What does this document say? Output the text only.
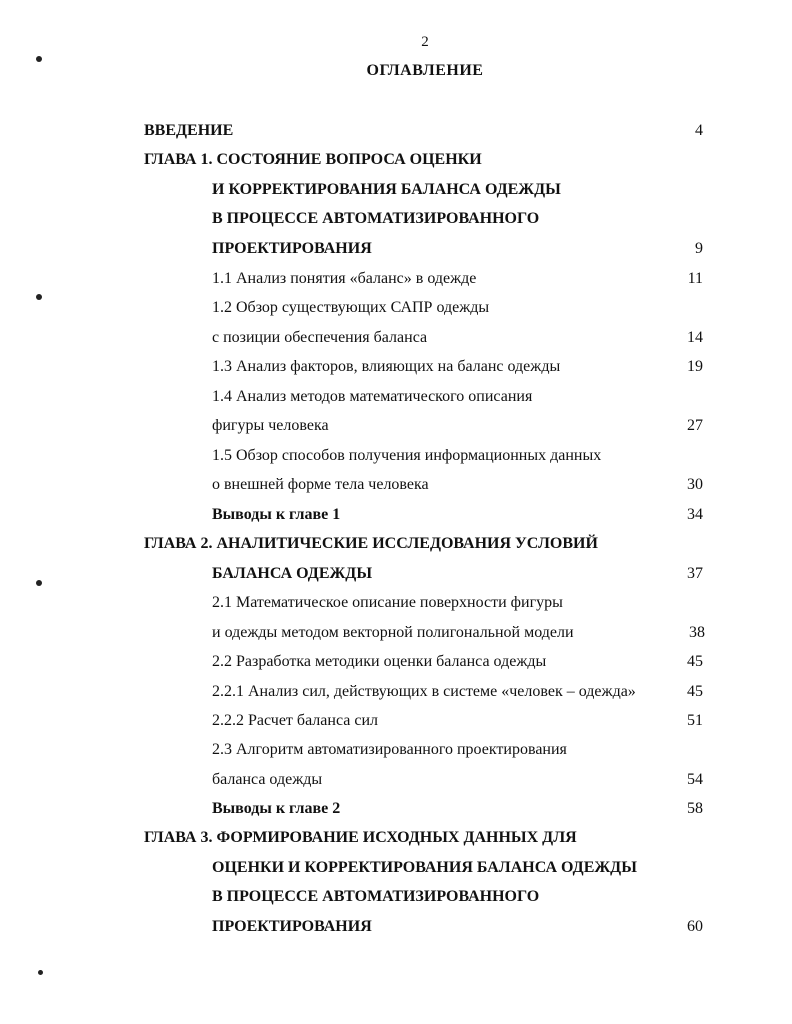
2
ОГЛАВЛЕНИЕ
ВВЕДЕНИЕ	4
ГЛАВА 1. СОСТОЯНИЕ ВОПРОСА ОЦЕНКИ
И КОРРЕКТИРОВАНИЯ БАЛАНСА ОДЕЖДЫ
В ПРОЦЕССЕ АВТОМАТИЗИРОВАННОГО
ПРОЕКТИРОВАНИЯ	9
1.1 Анализ понятия «баланс» в одежде	11
1.2 Обзор существующих САПР одежды
с позиции обеспечения баланса	14
1.3 Анализ факторов, влияющих на баланс одежды	19
1.4 Анализ методов математического описания
фигуры человека	27
1.5 Обзор способов получения информационных данных
о внешней форме тела человека	30
Выводы к главе 1	34
ГЛАВА 2. АНАЛИТИЧЕСКИЕ ИССЛЕДОВАНИЯ УСЛОВИЙ
БАЛАНСА ОДЕЖДЫ	37
2.1 Математическое описание поверхности фигуры
и одежды методом векторной полигональной модели	38
2.2 Разработка методики оценки баланса одежды	45
2.2.1 Анализ сил, действующих в системе «человек – одежда»	45
2.2.2 Расчет баланса сил	51
2.3 Алгоритм автоматизированного проектирования
баланса одежды	54
Выводы к главе 2	58
ГЛАВА 3. ФОРМИРОВАНИЕ ИСХОДНЫХ ДАННЫХ ДЛЯ
ОЦЕНКИ И КОРРЕКТИРОВАНИЯ БАЛАНСА ОДЕЖДЫ
В ПРОЦЕССЕ АВТОМАТИЗИРОВАННОГО
ПРОЕКТИРОВАНИЯ	60
